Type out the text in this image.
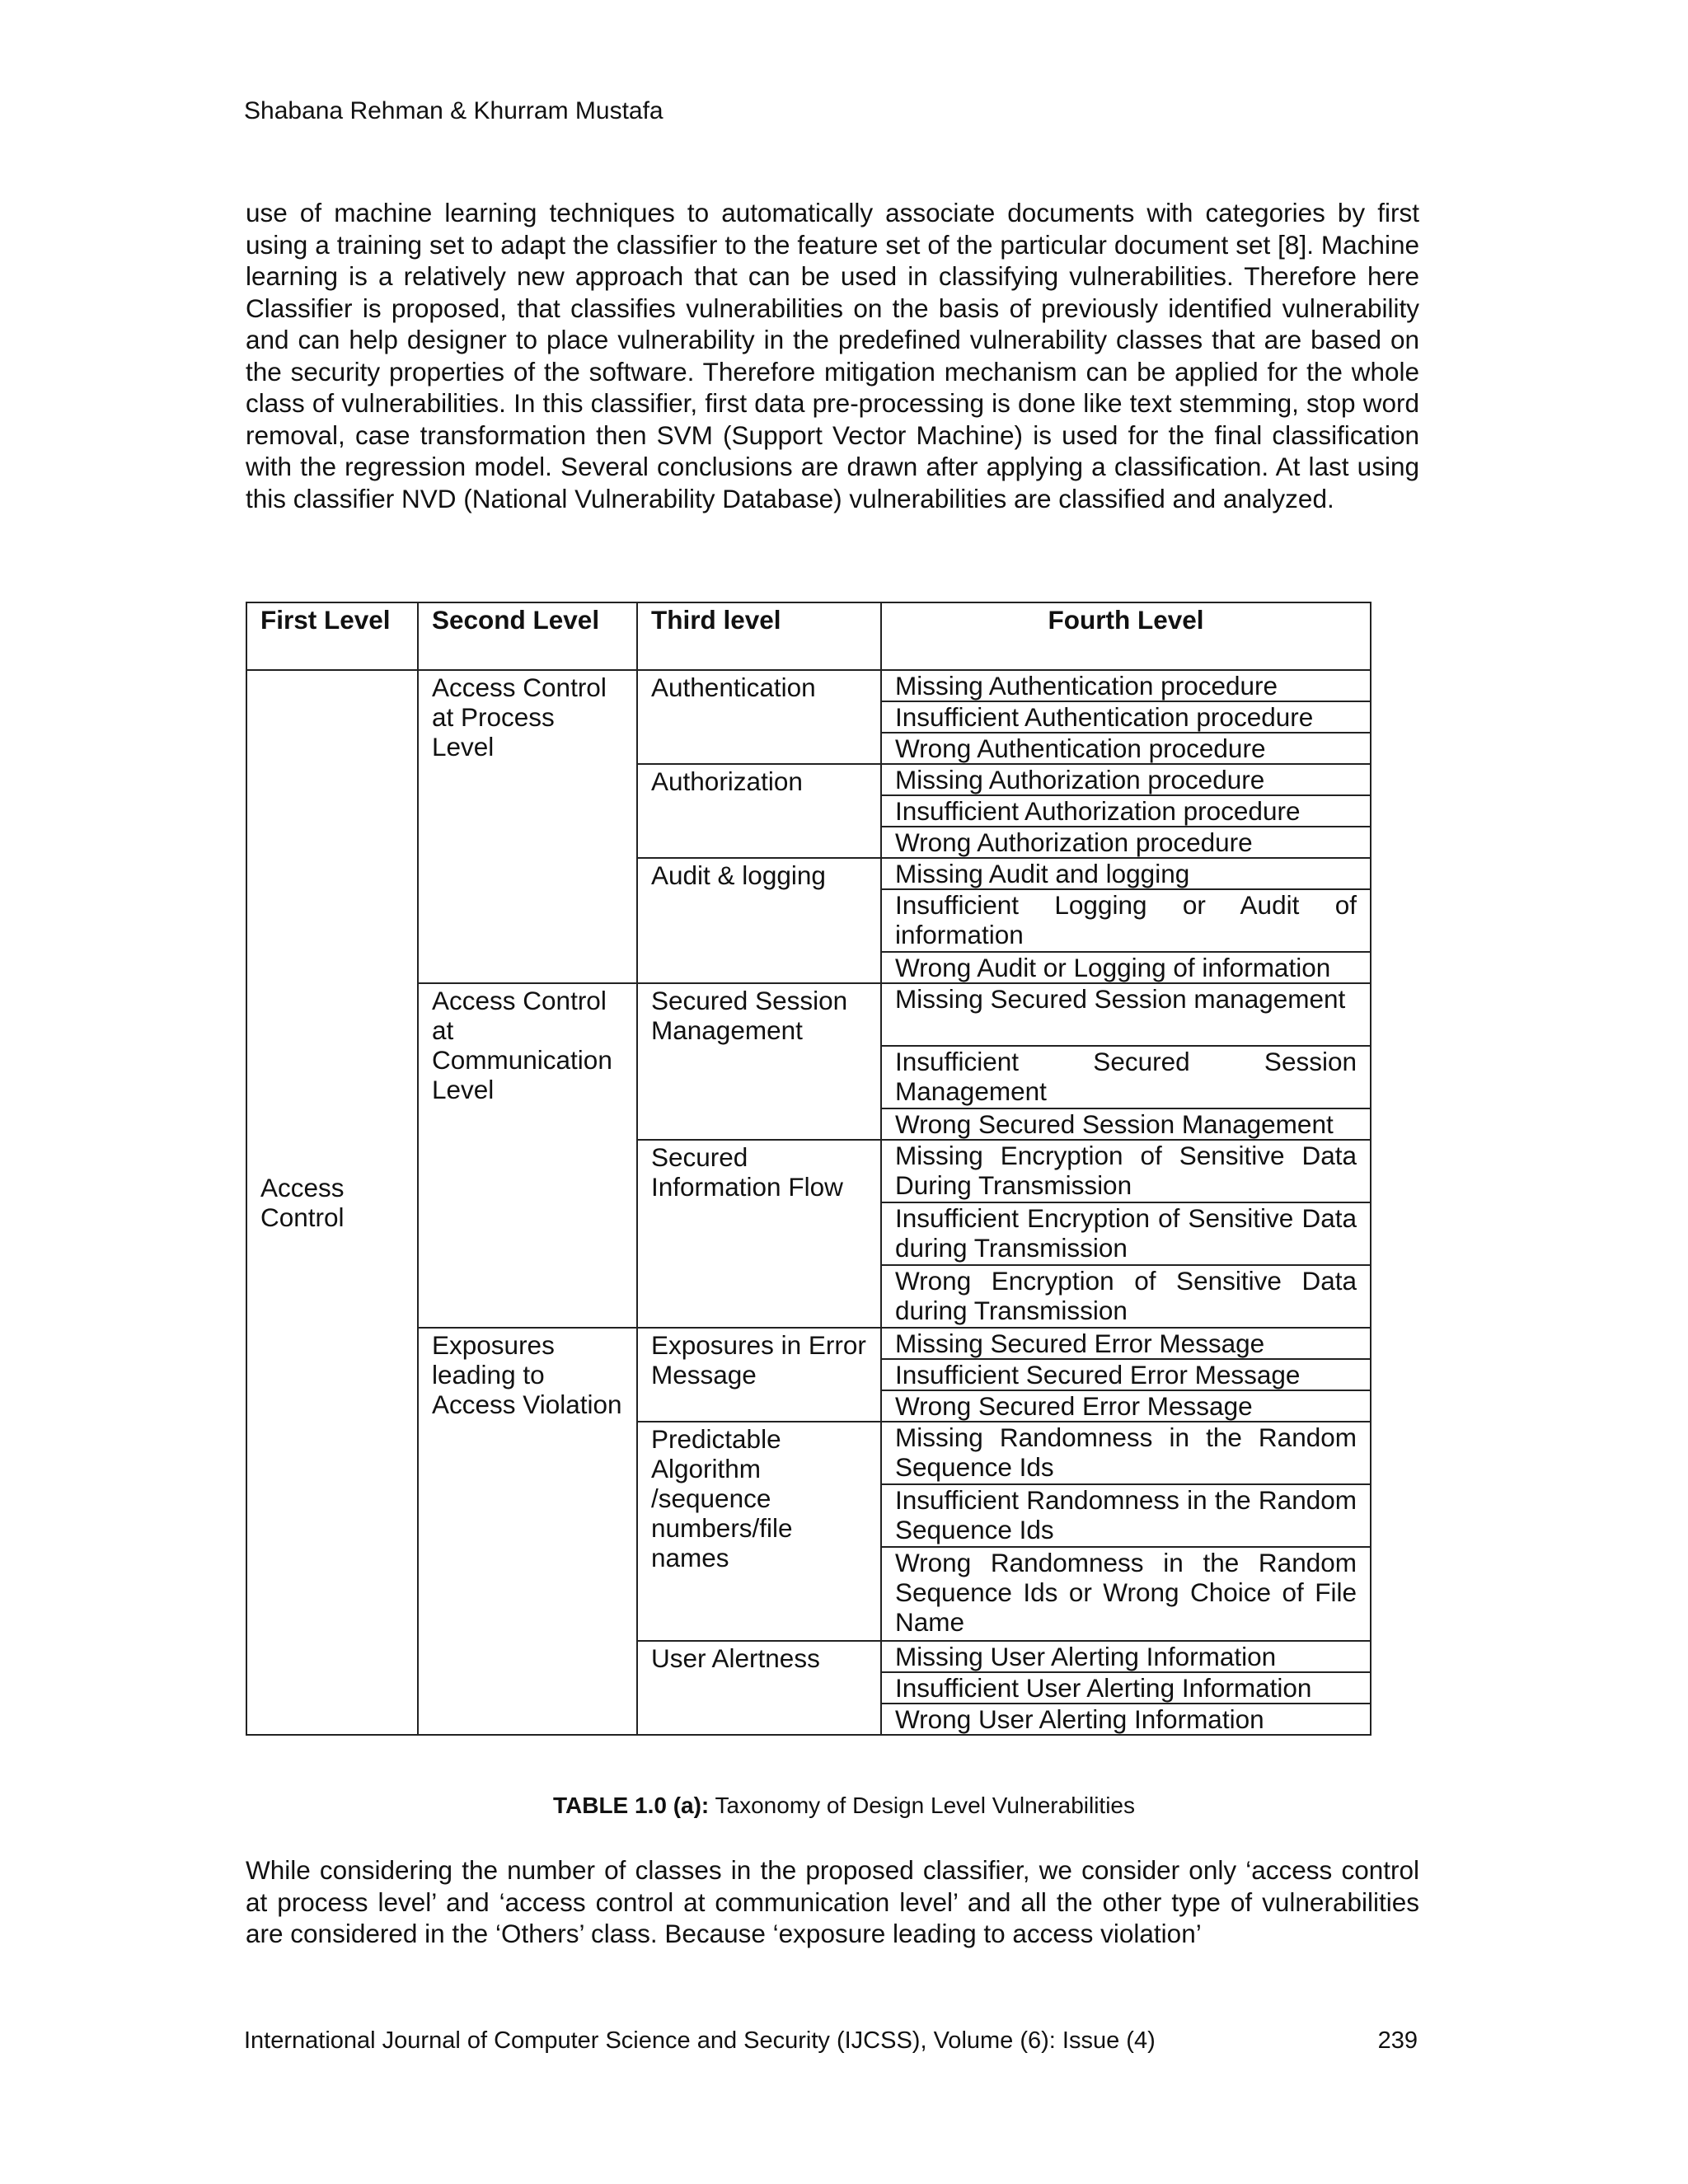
Shabana Rehman & Khurram Mustafa

use of machine learning techniques to automatically associate documents with categories by first using a training set to adapt the classifier to the feature set of the particular document set [8]. Machine learning is a relatively new approach that can be used in classifying vulnerabilities. Therefore here Classifier is proposed, that classifies vulnerabilities on the basis of previously identified vulnerability and can help designer to place vulnerability in the predefined vulnerability classes that are based on the security properties of the software. Therefore mitigation mechanism can be applied for the whole class of vulnerabilities. In this classifier, first data pre-processing is done like text stemming, stop word removal, case transformation then SVM (Support Vector Machine) is used for the final classification with the regression model. Several conclusions are drawn after applying a classification. At last using this classifier NVD (National Vulnerability Database) vulnerabilities are classified and analyzed.

First Level	Second Level	Third level	Fourth Level
Access Control	Access Control at Process Level	Authentication	Missing Authentication procedure
			Insufficient Authentication procedure
			Wrong Authentication procedure
		Authorization	Missing Authorization procedure
			Insufficient Authorization procedure
			Wrong Authorization procedure
		Audit & logging	Missing Audit and logging
			Insufficient Logging or Audit of information
			Wrong Audit or Logging of information
	Access Control at Communication Level	Secured Session Management	Missing Secured Session management
			Insufficient Secured Session Management
			Wrong Secured Session Management
		Secured Information Flow	Missing Encryption of Sensitive Data During Transmission
			Insufficient Encryption of Sensitive Data during Transmission
			Wrong Encryption of Sensitive Data during Transmission
	Exposures leading to Access Violation	Exposures in Error Message	Missing Secured Error Message
			Insufficient Secured Error Message
			Wrong Secured Error Message
		Predictable Algorithm /sequence numbers/file names	Missing Randomness in the Random Sequence Ids
			Insufficient Randomness in the Random Sequence Ids
			Wrong Randomness in the Random Sequence Ids or Wrong Choice of File Name
		User Alertness	Missing User Alerting Information
			Insufficient User Alerting Information
			Wrong User Alerting Information
TABLE 1.0 (a): Taxonomy of Design Level Vulnerabilities

While considering the number of classes in the proposed classifier, we consider only ‘access control at process level’ and ‘access control at communication level’ and all the other type of vulnerabilities are considered in the ‘Others’ class. Because ‘exposure leading to access violation’

International Journal of Computer Science and Security (IJCSS), Volume (6): Issue (4)	239
